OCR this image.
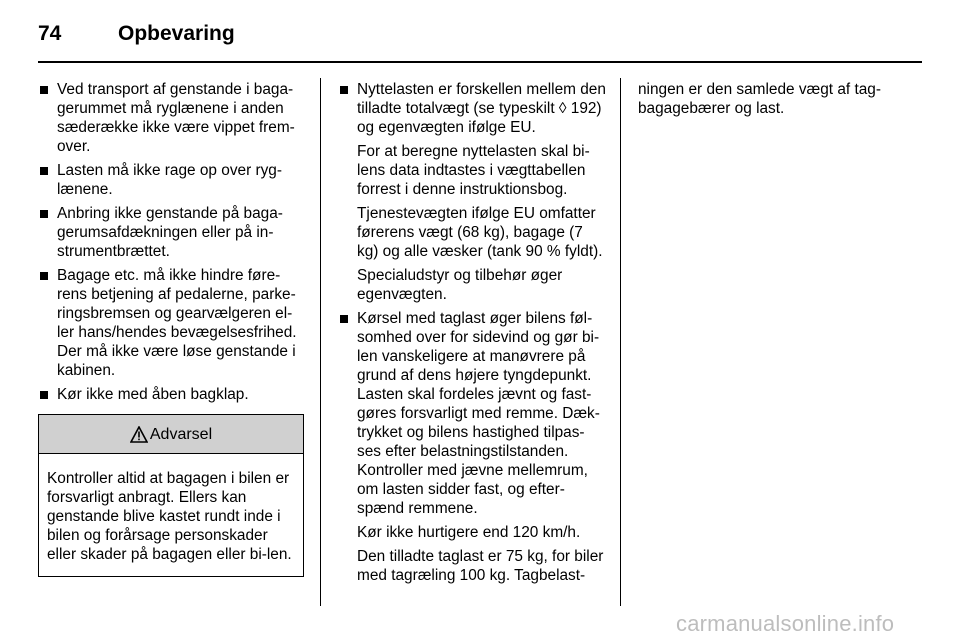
74	Opbevaring
Ved transport af genstande i baga-gerummet må ryglænene i anden sæderække ikke være vippet frem-over.
Lasten må ikke rage op over ryg-lænene.
Anbring ikke genstande på baga-gerumsafdækningen eller på in-strumentbrættet.
Bagage etc. må ikke hindre føre-rens betjening af pedalerne, parke-ringsbremsen og gearvælgeren el-ler hans/hendes bevægelsesfrihed. Der må ikke være løse genstande i kabinen.
Kør ikke med åben bagklap.
Advarsel
Kontroller altid at bagagen i bilen er forsvarligt anbragt. Ellers kan genstande blive kastet rundt inde i bilen og forårsage personskader eller skader på bagagen eller bi-len.
Nyttelasten er forskellen mellem den tilladte totalvægt (se typeskilt ◊ 192) og egenvægten ifølge EU.

For at beregne nyttelasten skal bi-lens data indtastes i vægttabellen forrest i denne instruktionsbog.

Tjenestevægten ifølge EU omfatter førerens vægt (68 kg), bagage (7 kg) og alle væsker (tank 90 % fyldt).

Specialudstyr og tilbehør øger egenvægten.

Kørsel med taglast øger bilens føl-somhed over for sidevind og gør bi-len vanskeligere at manøvrere på grund af dens højere tyngdepunkt. Lasten skal fordeles jævnt og fast-gøres forsvarligt med remme. Dæk-trykket og bilens hastighed tilpas-ses efter belastningstilstanden. Kontroller med jævne mellemrum, om lasten sidder fast, og efter-spænd remmene.

Kør ikke hurtigere end 120 km/h.

Den tilladte taglast er 75 kg, for biler med tagræling 100 kg. Tagbelast-

ningen er den samlede vægt af tag-bagagebærer og last.

carmanualsonline.info
